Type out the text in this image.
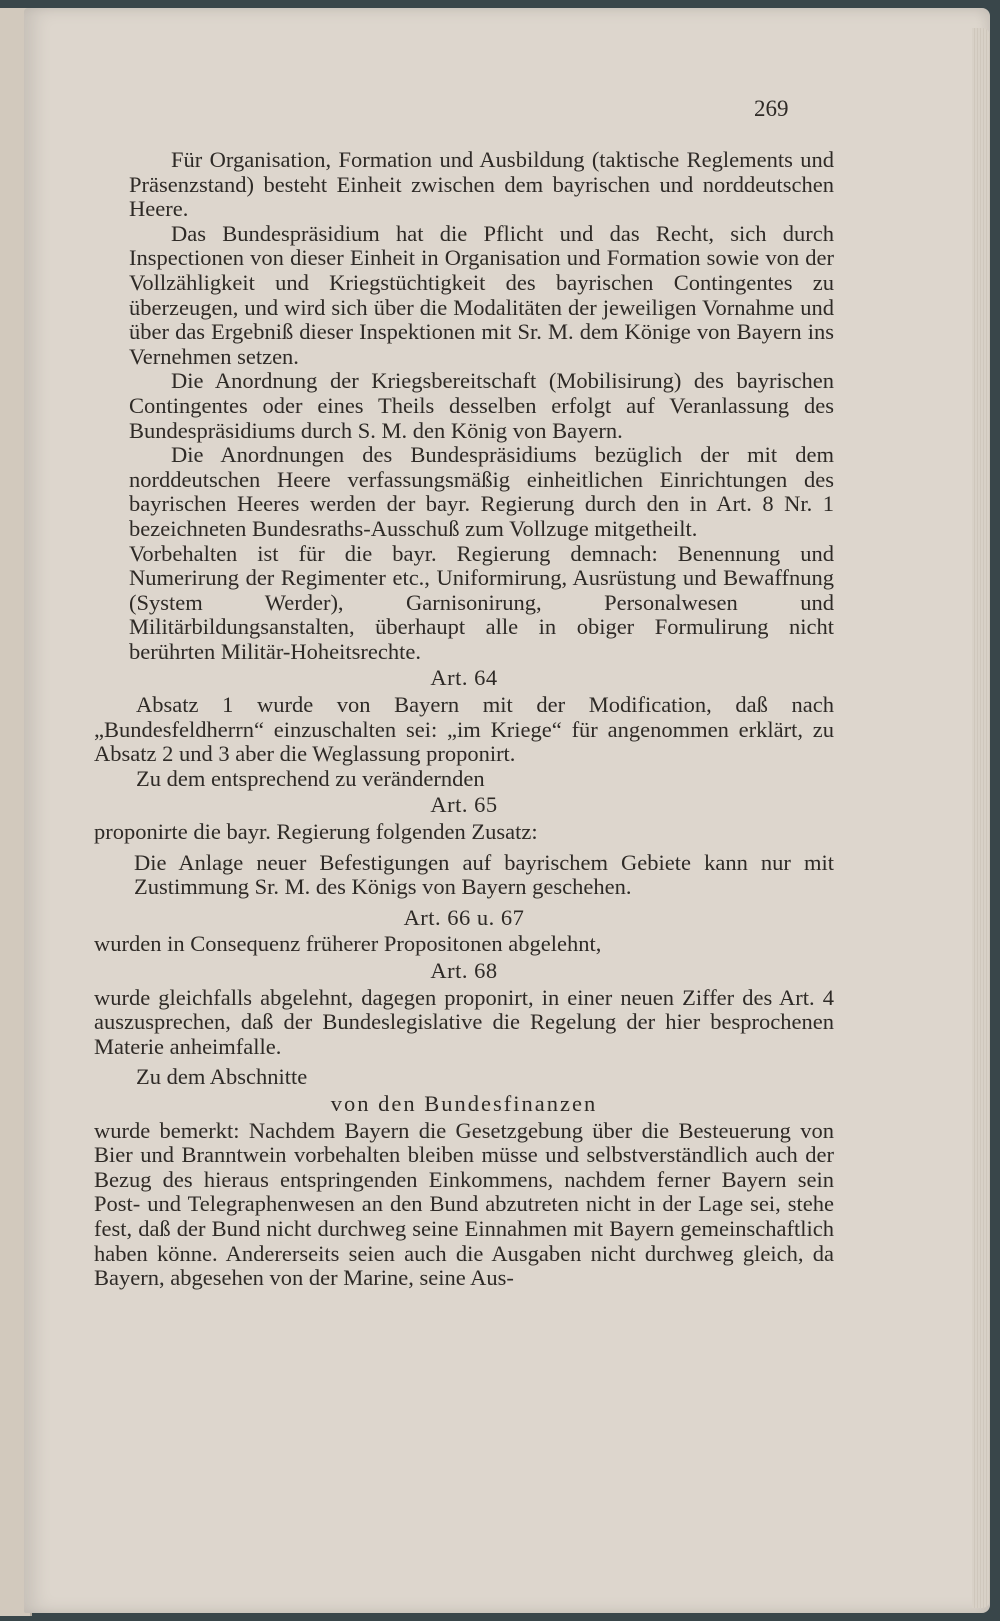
269

Für Organisation, Formation und Ausbildung (taktische Reglements und Präsenzstand) besteht Einheit zwischen dem bayrischen und norddeutschen Heere.

Das Bundespräsidium hat die Pflicht und das Recht, sich durch Inspectionen von dieser Einheit in Organisation und Formation sowie von der Vollzähligkeit und Kriegstüchtigkeit des bayrischen Contingentes zu überzeugen, und wird sich über die Modalitäten der jeweiligen Vornahme und über das Ergebniß dieser Inspektionen mit Sr. M. dem Könige von Bayern ins Vernehmen setzen.

Die Anordnung der Kriegsbereitschaft (Mobilisirung) des bayrischen Contingentes oder eines Theils desselben erfolgt auf Veranlassung des Bundespräsidiums durch S. M. den König von Bayern.

Die Anordnungen des Bundespräsidiums bezüglich der mit dem norddeutschen Heere verfassungsmäßig einheitlichen Einrichtungen des bayrischen Heeres werden der bayr. Regierung durch den in Art. 8 Nr. 1 bezeichneten Bundesraths-Ausschuß zum Vollzuge mitgetheilt.

Vorbehalten ist für die bayr. Regierung demnach: Benennung und Numerirung der Regimenter etc., Uniformirung, Ausrüstung und Bewaffnung (System Werder), Garnisonirung, Personalwesen und Militärbildungsanstalten, überhaupt alle in obiger Formulirung nicht berührten Militär-Hoheitsrechte.

Art. 64

Absatz 1 wurde von Bayern mit der Modification, daß nach „Bundesfeldherrn“ einzuschalten sei: „im Kriege“ für angenommen erklärt, zu Absatz 2 und 3 aber die Weglassung proponirt.

Zu dem entsprechend zu verändernden

Art. 65

proponirte die bayr. Regierung folgenden Zusatz:

Die Anlage neuer Befestigungen auf bayrischem Gebiete kann nur mit Zustimmung Sr. M. des Königs von Bayern geschehen.

Art. 66 u. 67

wurden in Consequenz früherer Propositonen abgelehnt,

Art. 68

wurde gleichfalls abgelehnt, dagegen proponirt, in einer neuen Ziffer des Art. 4 auszusprechen, daß der Bundeslegislative die Regelung der hier besprochenen Materie anheimfalle.

Zu dem Abschnitte

von den Bundesfinanzen

wurde bemerkt: Nachdem Bayern die Gesetzgebung über die Besteuerung von Bier und Branntwein vorbehalten bleiben müsse und selbstverständlich auch der Bezug des hieraus entspringenden Einkommens, nachdem ferner Bayern sein Post- und Telegraphenwesen an den Bund abzutreten nicht in der Lage sei, stehe fest, daß der Bund nicht durchweg seine Einnahmen mit Bayern gemeinschaftlich haben könne. Andererseits seien auch die Ausgaben nicht durchweg gleich, da Bayern, abgesehen von der Marine, seine Aus-
